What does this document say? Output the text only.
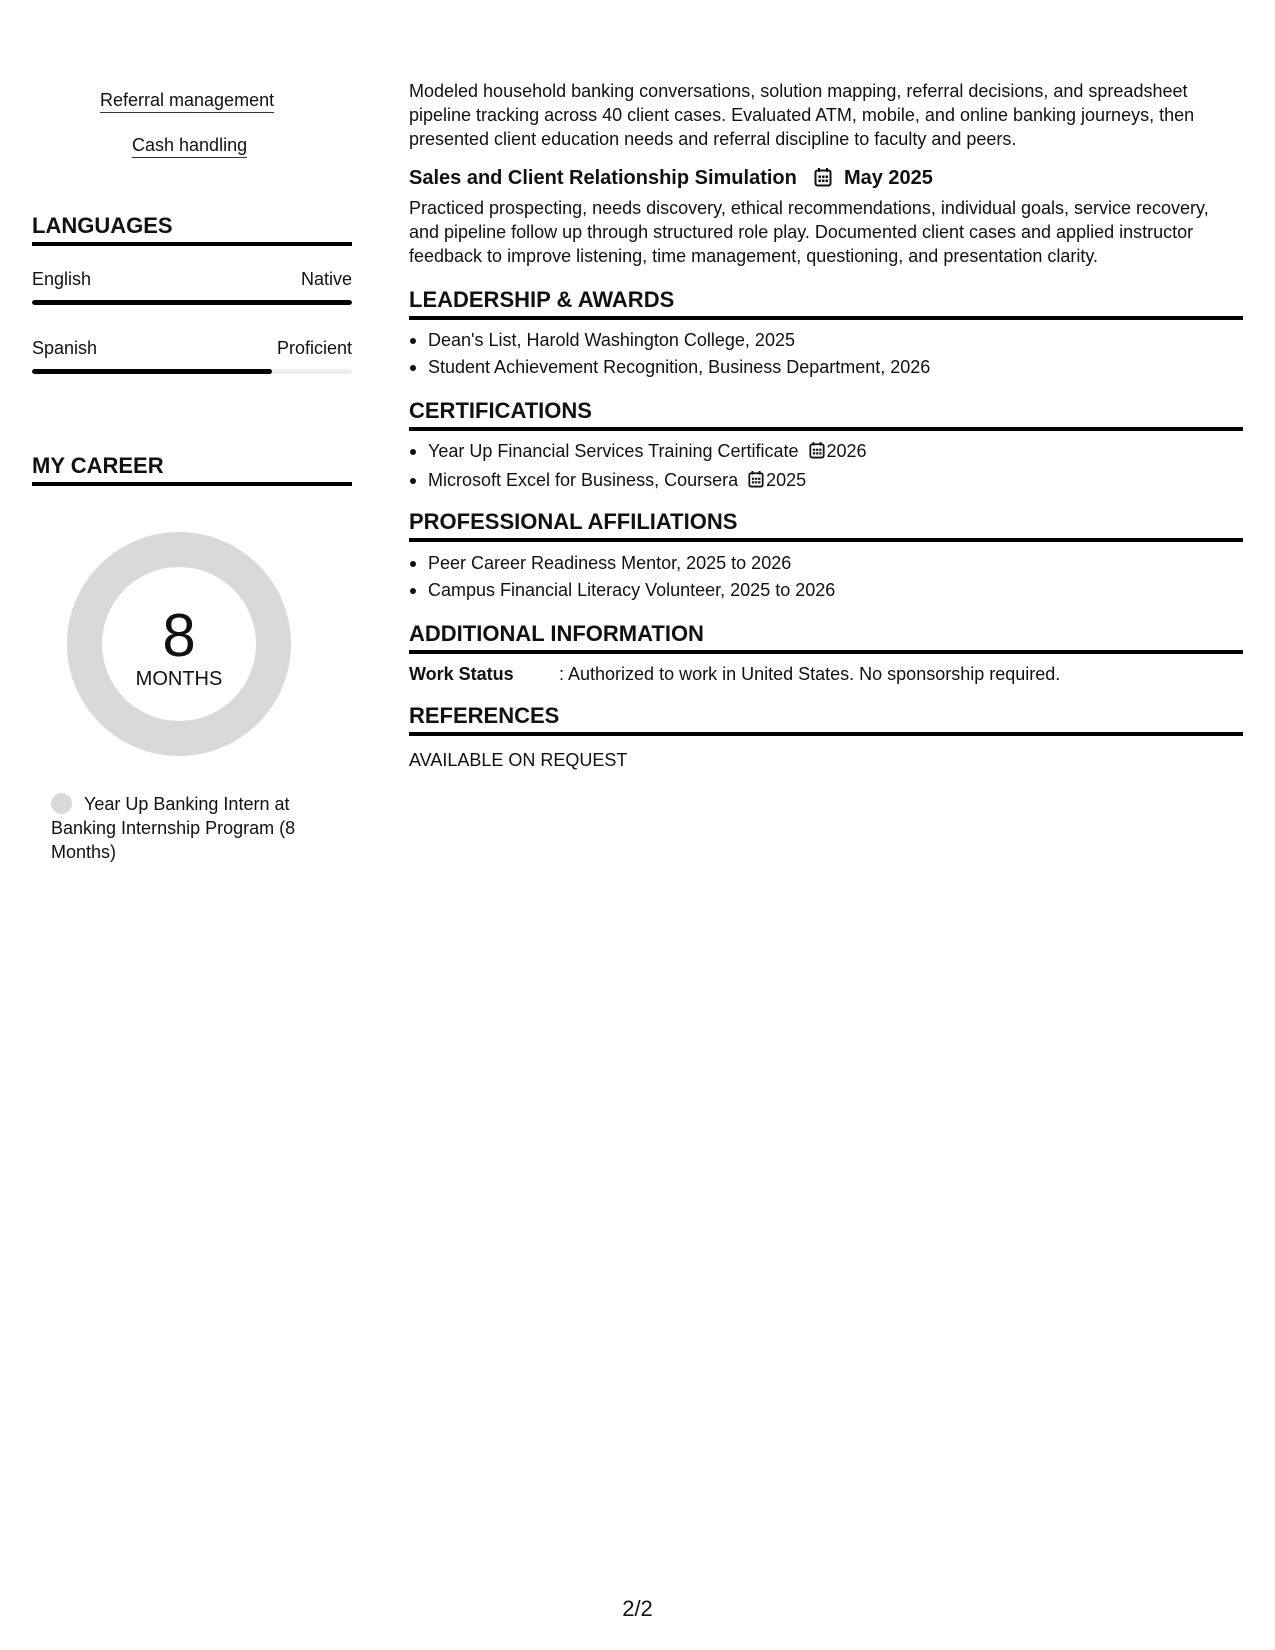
Referral management
Cash handling
LANGUAGES
English	Native
Spanish	Proficient
MY CAREER
8
MONTHS
Year Up Banking Intern at Banking Internship Program (8 Months)
Modeled household banking conversations, solution mapping, referral decisions, and spreadsheet pipeline tracking across 40 client cases. Evaluated ATM, mobile, and online banking journeys, then presented client education needs and referral discipline to faculty and peers.
Sales and Client Relationship Simulation May 2025
Practiced prospecting, needs discovery, ethical recommendations, individual goals, service recovery, and pipeline follow up through structured role play. Documented client cases and applied instructor feedback to improve listening, time management, questioning, and presentation clarity.
LEADERSHIP & AWARDS
Dean's List, Harold Washington College, 2025
Student Achievement Recognition, Business Department, 2026
CERTIFICATIONS
Year Up Financial Services Training Certificate 2026
Microsoft Excel for Business, Coursera 2025
PROFESSIONAL AFFILIATIONS
Peer Career Readiness Mentor, 2025 to 2026
Campus Financial Literacy Volunteer, 2025 to 2026
ADDITIONAL INFORMATION
Work Status	: Authorized to work in United States. No sponsorship required.
REFERENCES
AVAILABLE ON REQUEST
2/2
